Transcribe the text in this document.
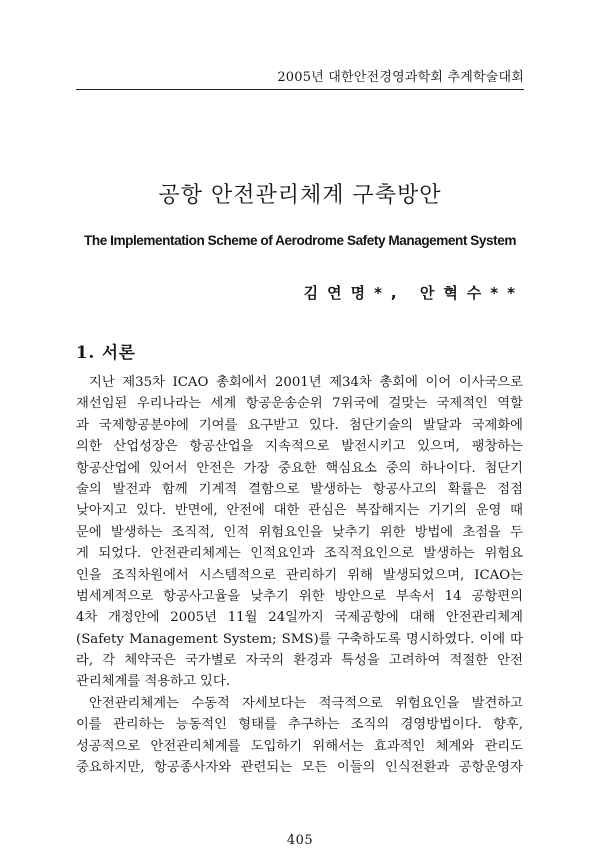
2005년 대한안전경영과학회 추계학술대회
공항 안전관리체계 구축방안
The Implementation Scheme of Aerodrome Safety Management System
김연명*, 안혁수**
1. 서론
지난 제35차 ICAO 총회에서 2001년 제34차 총회에 이어 이사국으로
재선임된 우리나라는 세계 항공운송순위 7위국에 걸맞는 국제적인 역할
과 국제항공분야에 기여를 요구받고 있다. 첨단기술의 발달과 국제화에
의한 산업성장은 항공산업을 지속적으로 발전시키고 있으며, 팽창하는
항공산업에 있어서 안전은 가장 중요한 핵심요소 중의 하나이다. 첨단기
술의 발전과 함께 기계적 결함으로 발생하는 항공사고의 확률은 점점
낮아지고 있다. 반면에, 안전에 대한 관심은 복잡해지는 기기의 운영 때
문에 발생하는 조직적, 인적 위험요인을 낮추기 위한 방법에 초점을 두
게 되었다. 안전관리체계는 인적요인과 조직적요인으로 발생하는 위험요
인을 조직차원에서 시스템적으로 관리하기 위해 발생되었으며, ICAO는
범세계적으로 항공사고율을 낮추기 위한 방안으로 부속서 14 공항편의
4차 개정안에 2005년 11월 24일까지 국제공항에 대해 안전관리체계
(Safety Management System; SMS)를 구축하도록 명시하였다. 이에 따
라, 각 체약국은 국가별로 자국의 환경과 특성을 고려하여 적절한 안전
관리체계를 적용하고 있다.
안전관리체계는 수동적 자세보다는 적극적으로 위험요인을 발견하고
이를 관리하는 능동적인 형태를 추구하는 조직의 경영방법이다. 향후,
성공적으로 안전관리체계를 도입하기 위해서는 효과적인 체계와 관리도
중요하지만, 항공종사자와 관련되는 모든 이들의 인식전환과 공항운영자
405
